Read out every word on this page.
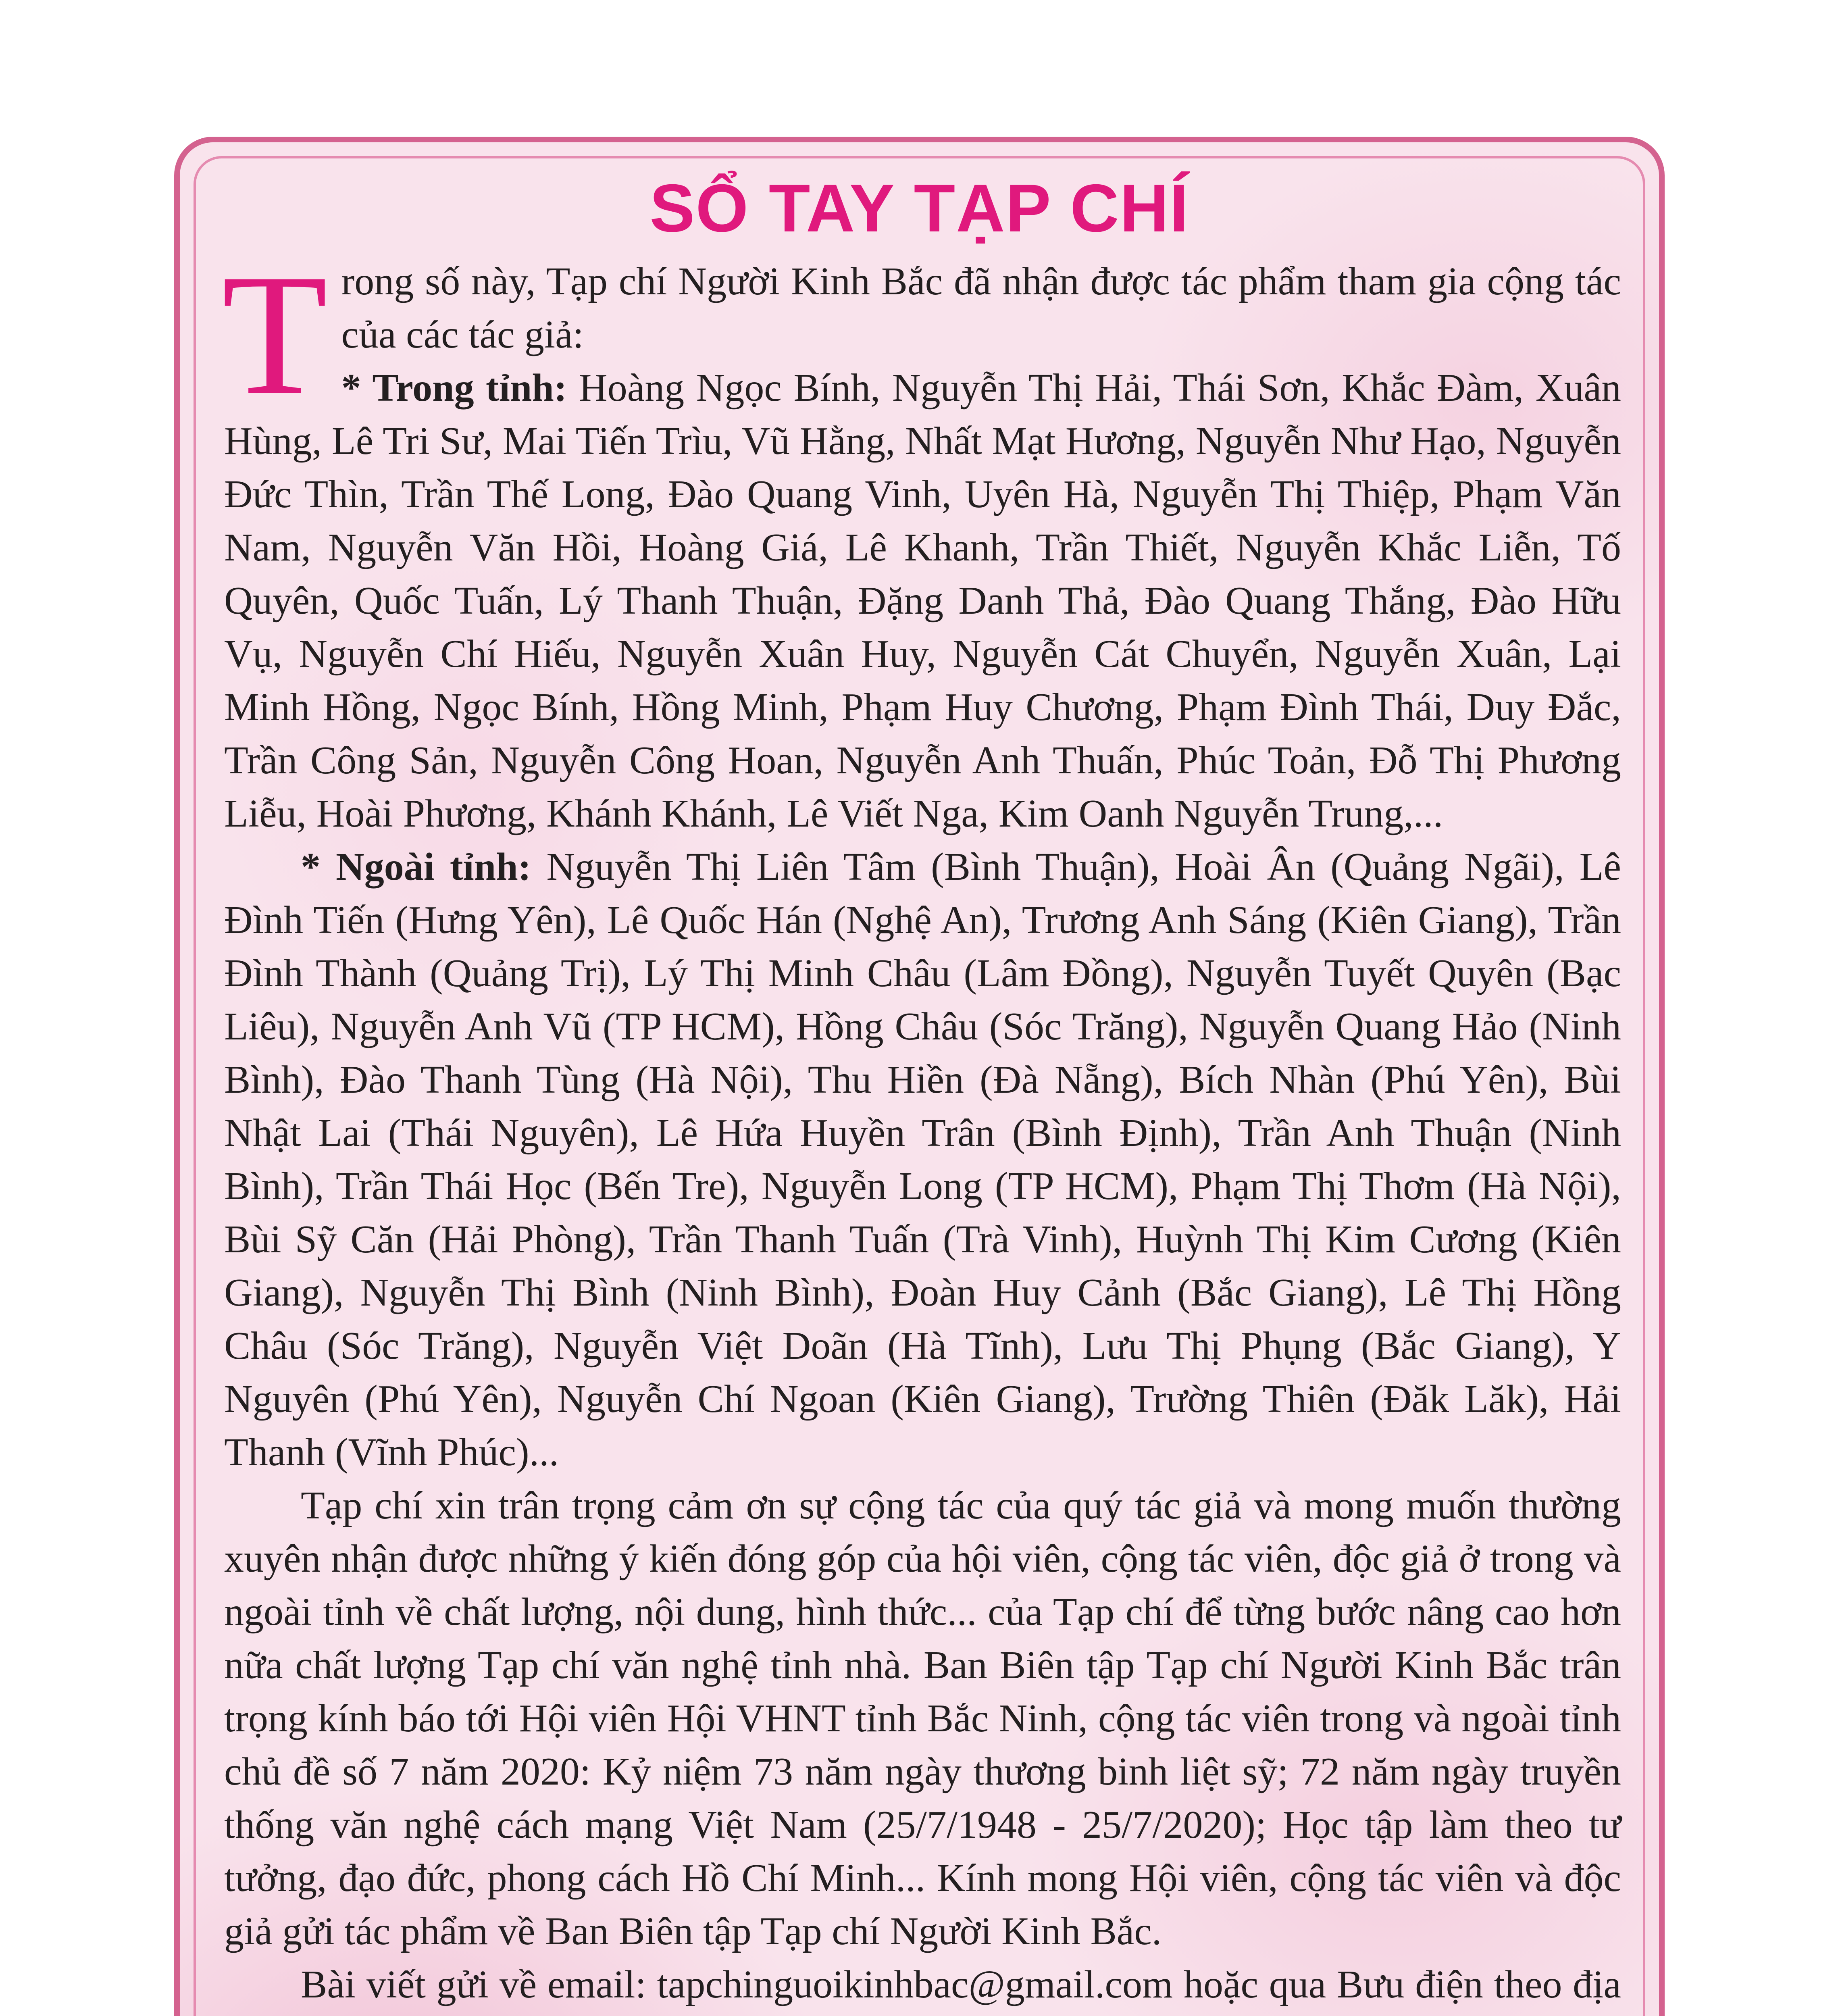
SỔ TAY TẠP CHÍ

Trong số này, Tạp chí Người Kinh Bắc đã nhận được tác phẩm tham gia cộng tác của các tác giả:

* Trong tỉnh: Hoàng Ngọc Bính, Nguyễn Thị Hải, Thái Sơn, Khắc Đàm, Xuân Hùng, Lê Tri Sư, Mai Tiến Trìu, Vũ Hằng, Nhất Mạt Hương, Nguyễn Như Hạo, Nguyễn Đức Thìn, Trần Thế Long, Đào Quang Vinh, Uyên Hà, Nguyễn Thị Thiệp, Phạm Văn Nam, Nguyễn Văn Hồi, Hoàng Giá, Lê Khanh, Trần Thiết, Nguyễn Khắc Liễn, Tố Quyên, Quốc Tuấn, Lý Thanh Thuận, Đặng Danh Thả, Đào Quang Thắng, Đào Hữu Vụ, Nguyễn Chí Hiếu, Nguyễn Xuân Huy, Nguyễn Cát Chuyển, Nguyễn Xuân, Lại Minh Hồng, Ngọc Bính, Hồng Minh, Phạm Huy Chương, Phạm Đình Thái, Duy Đắc, Trần Công Sản, Nguyễn Công Hoan, Nguyễn Anh Thuấn, Phúc Toản, Đỗ Thị Phương Liễu, Hoài Phương, Khánh Khánh, Lê Viết Nga, Kim Oanh Nguyễn Trung,...

* Ngoài tỉnh: Nguyễn Thị Liên Tâm (Bình Thuận), Hoài Ân (Quảng Ngãi), Lê Đình Tiến (Hưng Yên), Lê Quốc Hán (Nghệ An), Trương Anh Sáng (Kiên Giang), Trần Đình Thành (Quảng Trị), Lý Thị Minh Châu (Lâm Đồng), Nguyễn Tuyết Quyên (Bạc Liêu), Nguyễn Anh Vũ (TP HCM), Hồng Châu (Sóc Trăng), Nguyễn Quang Hảo (Ninh Bình), Đào Thanh Tùng (Hà Nội), Thu Hiền (Đà Nẵng), Bích Nhàn (Phú Yên), Bùi Nhật Lai (Thái Nguyên), Lê Hứa Huyền Trân (Bình Định), Trần Anh Thuận (Ninh Bình), Trần Thái Học (Bến Tre), Nguyễn Long (TP HCM), Phạm Thị Thơm (Hà Nội), Bùi Sỹ Căn (Hải Phòng), Trần Thanh Tuấn (Trà Vinh), Huỳnh Thị Kim Cương (Kiên Giang), Nguyễn Thị Bình (Ninh Bình), Đoàn Huy Cảnh (Bắc Giang), Lê Thị Hồng Châu (Sóc Trăng), Nguyễn Việt Doãn (Hà Tĩnh), Lưu Thị Phụng (Bắc Giang), Y Nguyên (Phú Yên), Nguyễn Chí Ngoan (Kiên Giang), Trường Thiên (Đăk Lăk), Hải Thanh (Vĩnh Phúc)...

Tạp chí xin trân trọng cảm ơn sự cộng tác của quý tác giả và mong muốn thường xuyên nhận được những ý kiến đóng góp của hội viên, cộng tác viên, độc giả ở trong và ngoài tỉnh về chất lượng, nội dung, hình thức... của Tạp chí để từng bước nâng cao hơn nữa chất lượng Tạp chí văn nghệ tỉnh nhà. Ban Biên tập Tạp chí Người Kinh Bắc trân trọng kính báo tới Hội viên Hội VHNT tỉnh Bắc Ninh, cộng tác viên trong và ngoài tỉnh chủ đề số 7 năm 2020: Kỷ niệm 73 năm ngày thương binh liệt sỹ; 72 năm ngày truyền thống văn nghệ cách mạng Việt Nam (25/7/1948 - 25/7/2020); Học tập làm theo tư tưởng, đạo đức, phong cách Hồ Chí Minh... Kính mong Hội viên, cộng tác viên và độc giả gửi tác phẩm về Ban Biên tập Tạp chí Người Kinh Bắc.

Bài viết gửi về email: tapchinguoikinhbac@gmail.com hoặc qua Bưu điện theo địa
